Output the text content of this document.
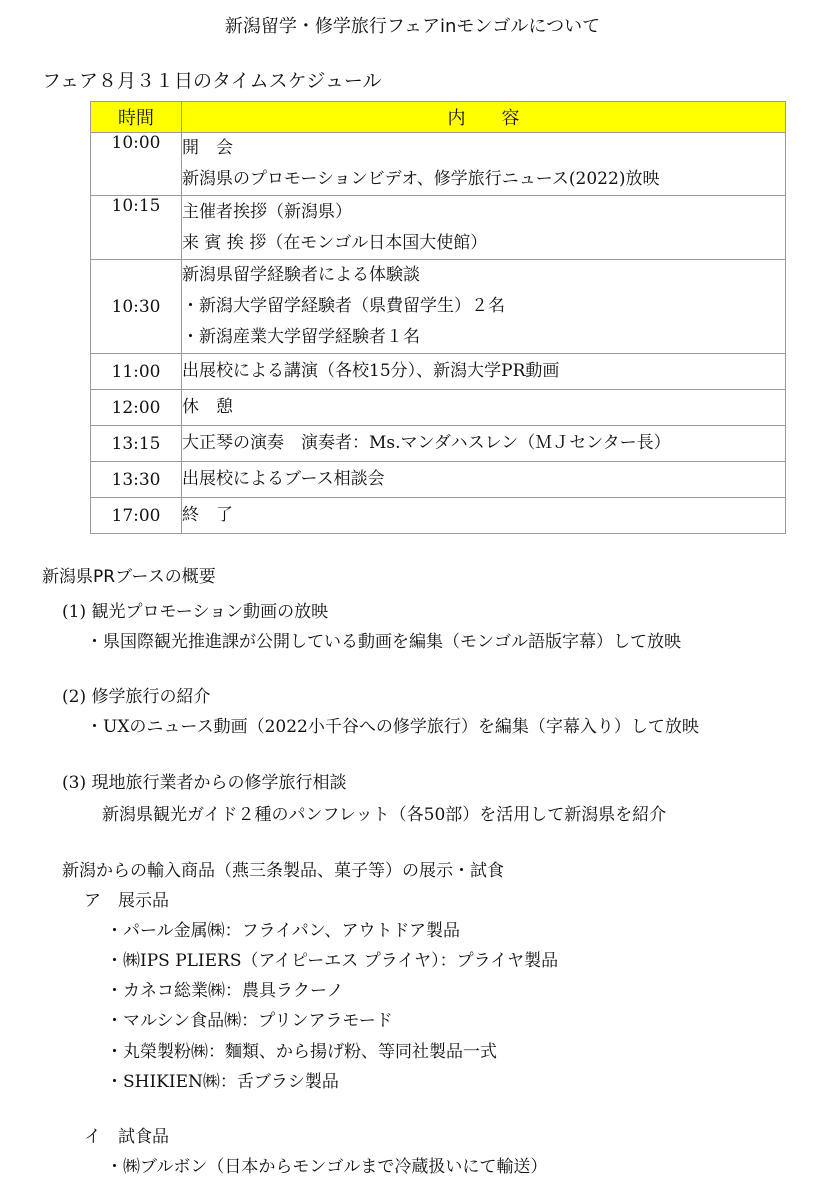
新潟留学・修学旅行フェアinモンゴルについて
フェア８月３１日のタイムスケジュール
時間	内　　容
10:00	開　会
新潟県のプロモーションビデオ、修学旅行ニュース(2022)放映

10:15	主催者挨拶（新潟県）
来 賓 挨 拶（在モンゴル日本国大使館）

10:30	新潟県留学経験者による体験談
・新潟大学留学経験者（県費留学生）２名
・新潟産業大学留学経験者１名

11:00	出展校による講演（各校15分）、新潟大学PR動画

12:00	休　憩

13:15	大正琴の演奏　演奏者：Ms.マンダハスレン（ＭＪセンター長）

13:30	出展校によるブース相談会

17:00	終　了
新潟県PRブースの概要
(1) 観光プロモーション動画の放映
・県国際観光推進課が公開している動画を編集（モンゴル語版字幕）して放映
(2) 修学旅行の紹介
・UXのニュース動画（2022小千谷への修学旅行）を編集（字幕入り）して放映
(3) 現地旅行業者からの修学旅行相談
新潟県観光ガイド２種のパンフレット（各50部）を活用して新潟県を紹介
新潟からの輸入商品（燕三条製品、菓子等）の展示・試食
ア　展示品
・パール金属㈱：フライパン、アウトドア製品
・㈱IPS PLIERS（アイピーエス プライヤ）：プライヤ製品
・カネコ総業㈱：農具ラクーノ
・マルシン食品㈱：プリンアラモード
・丸榮製粉㈱：麵類、から揚げ粉、等同社製品一式
・SHIKIEN㈱：舌ブラシ製品
イ　試食品
・㈱ブルボン（日本からモンゴルまで冷蔵扱いにて輸送）
